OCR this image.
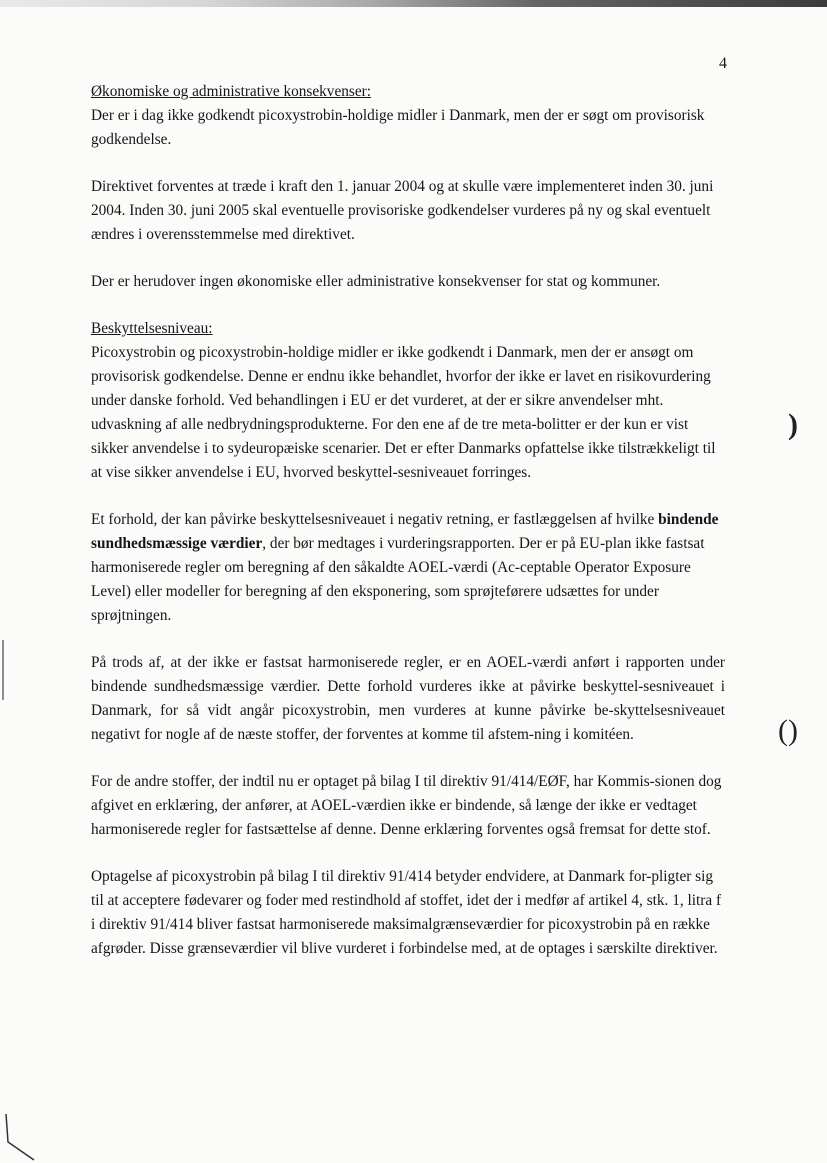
4

Økonomiske og administrative konsekvenser:

Der er i dag ikke godkendt picoxystrobin-holdige midler i Danmark, men der er søgt om provisorisk godkendelse.

Direktivet forventes at træde i kraft den 1. januar 2004 og at skulle være implementeret inden 30. juni 2004. Inden 30. juni 2005 skal eventuelle provisoriske godkendelser vurderes på ny og skal eventuelt ændres i overensstemmelse med direktivet.

Der er herudover ingen økonomiske eller administrative konsekvenser for stat og kommuner.

Beskyttelsesniveau:

Picoxystrobin og picoxystrobin-holdige midler er ikke godkendt i Danmark, men der er ansøgt om provisorisk godkendelse. Denne er endnu ikke behandlet, hvorfor der ikke er lavet en risikovurdering under danske forhold. Ved behandlingen i EU er det vurderet, at der er sikre anvendelser mht. udvaskning af alle nedbrydningsprodukterne. For den ene af de tre meta-bolitter er der kun er vist sikker anvendelse i to sydeuropæiske scenarier. Det er efter Danmarks opfattelse ikke tilstrækkeligt til at vise sikker anvendelse i EU, hvorved beskyttel-sesniveauet forringes.

Et forhold, der kan påvirke beskyttelsesniveauet i negativ retning, er fastlæggelsen af hvilke bindende sundhedsmæssige værdier, der bør medtages i vurderingsrapporten. Der er på EU-plan ikke fastsat harmoniserede regler om beregning af den såkaldte AOEL-værdi (Ac-ceptable Operator Exposure Level) eller modeller for beregning af den eksponering, som sprøjteførere udsættes for under sprøjtningen.

På trods af, at der ikke er fastsat harmoniserede regler, er en AOEL-værdi anført i rapporten under bindende sundhedsmæssige værdier. Dette forhold vurderes ikke at påvirke beskyttel-sesniveauet i Danmark, for så vidt angår picoxystrobin, men vurderes at kunne påvirke be-skyttelsesniveauet negativt for nogle af de næste stoffer, der forventes at komme til afstem-ning i komitéen.

For de andre stoffer, der indtil nu er optaget på bilag I til direktiv 91/414/EØF, har Kommis-sionen dog afgivet en erklæring, der anfører, at AOEL-værdien ikke er bindende, så længe der ikke er vedtaget harmoniserede regler for fastsættelse af denne. Denne erklæring forventes også fremsat for dette stof.

Optagelse af picoxystrobin på bilag I til direktiv 91/414 betyder endvidere, at Danmark for-pligter sig til at acceptere fødevarer og foder med restindhold af stoffet, idet der i medfør af artikel 4, stk. 1, litra f i direktiv 91/414 bliver fastsat harmoniserede maksimalgrænseværdier for picoxystrobin på en række afgrøder. Disse grænseværdier vil blive vurderet i forbindelse med, at de optages i særskilte direktiver.

)
()
